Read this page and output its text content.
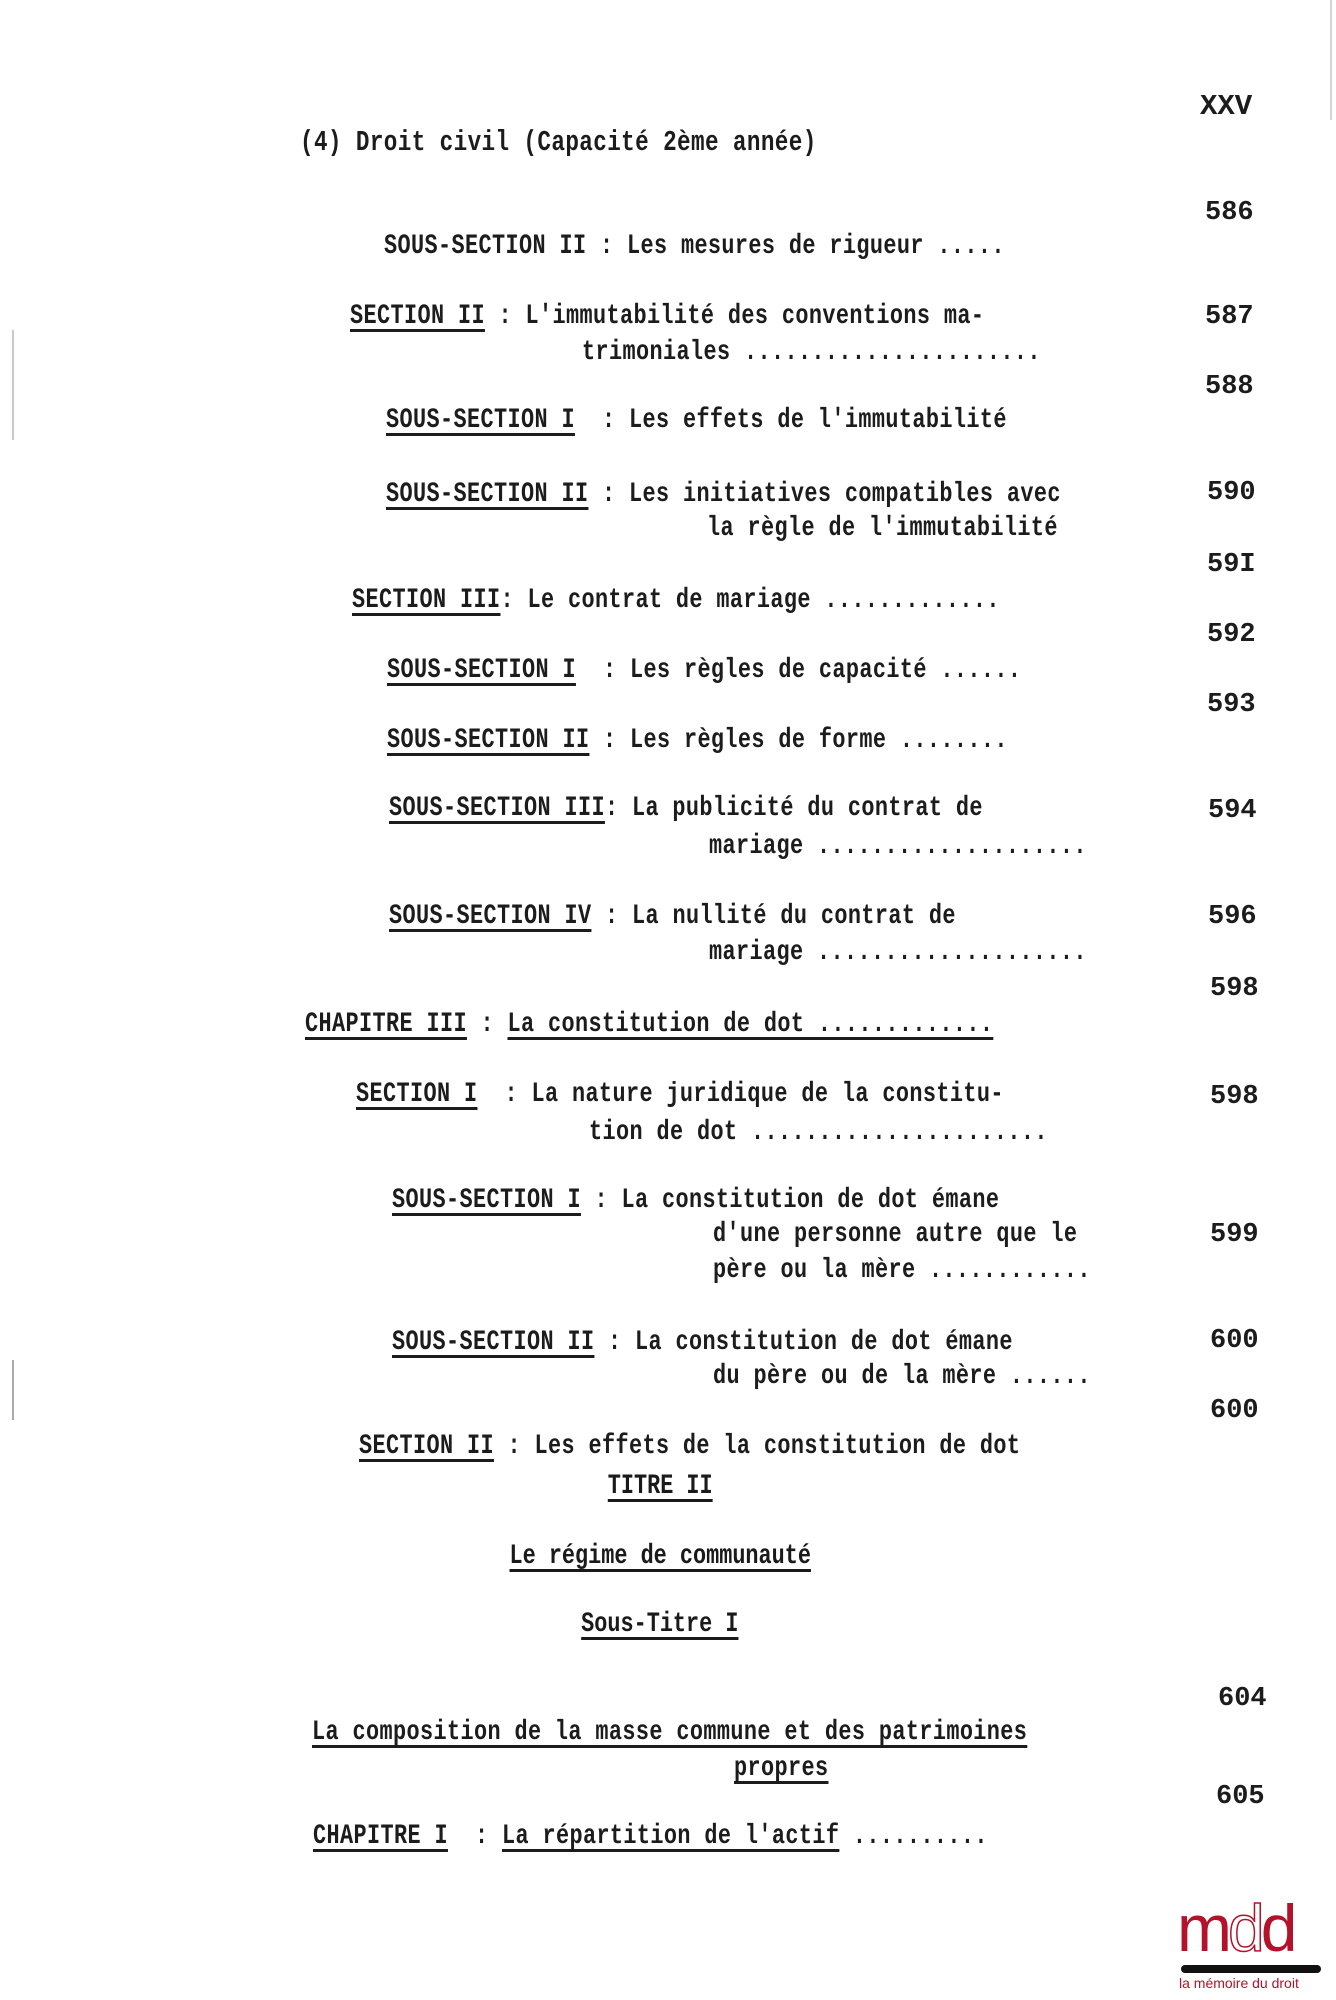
(4) Droit civil (Capacité 2ème année)

XXV

SOUS-SECTION II : Les mesures de rigueur .....

586

SECTION II : L'immutabilité des conventions ma-

trimoniales ......................

587

SOUS-SECTION I : Les effets de l'immutabilité

588

SOUS-SECTION II : Les initiatives compatibles avec

la règle de l'immutabilité

590

SECTION III: Le contrat de mariage .............

59I

SOUS-SECTION I : Les règles de capacité ......

592

SOUS-SECTION II : Les règles de forme ........

593

SOUS-SECTION III: La publicité du contrat de

mariage ....................

594

SOUS-SECTION IV : La nullité du contrat de

mariage ....................

596

CHAPITRE III : La constitution de dot .............

598

SECTION I : La nature juridique de la constitu-

tion de dot ......................

598

SOUS-SECTION I : La constitution de dot émane

d'une personne autre que le

père ou la mère ............

599

SOUS-SECTION II : La constitution de dot émane

du père ou de la mère ......

600

SECTION II : Les effets de la constitution de dot

600
TITRE II
Le régime de communauté
Sous-Titre I

La composition de la masse commune et des patrimoines

propres

604

CHAPITRE I : La répartition de l'actif ..........

605
mdd
la mémoire du droit
